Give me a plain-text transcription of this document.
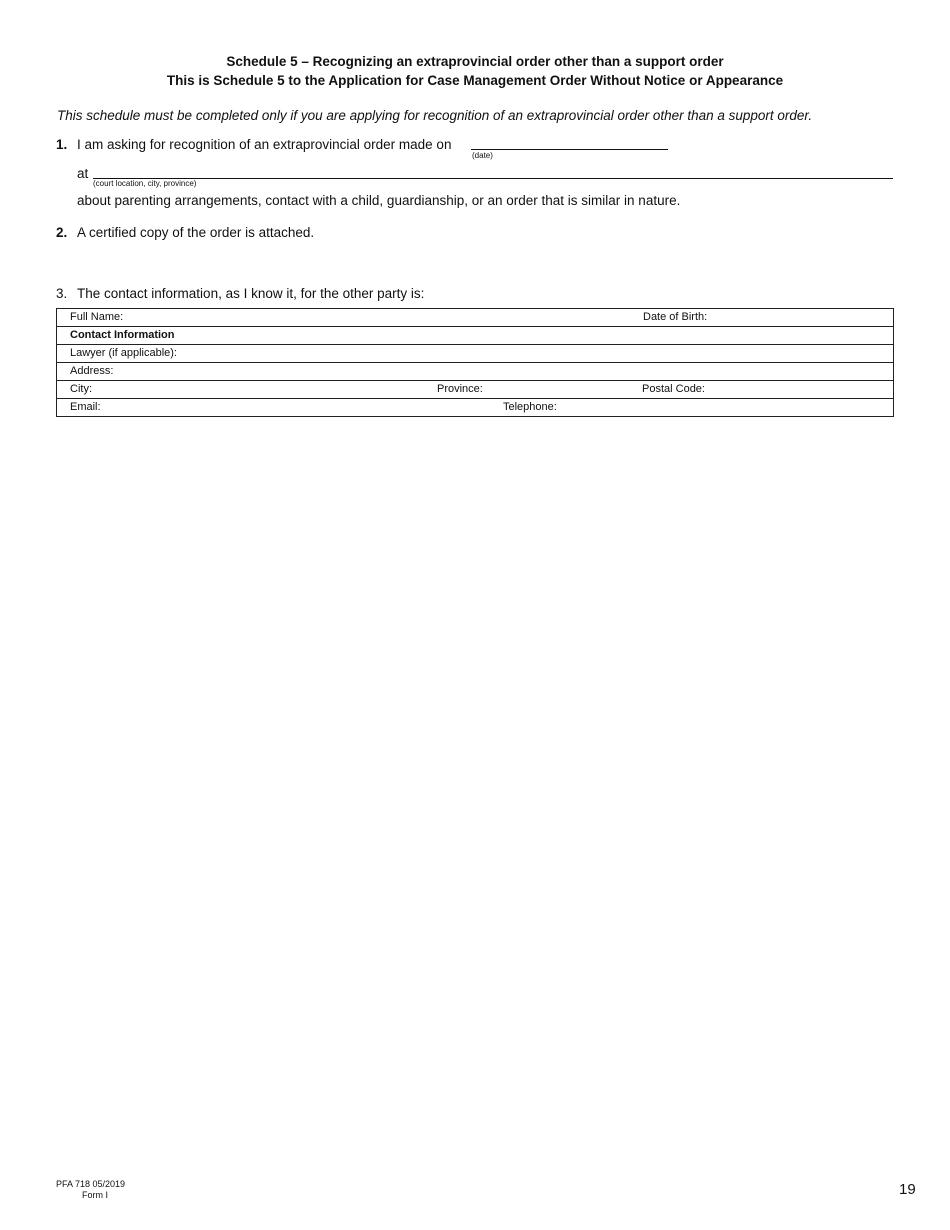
Schedule 5 – Recognizing an extraprovincial order other than a support order
This is Schedule 5 to the Application for Case Management Order Without Notice or Appearance
This schedule must be completed only if you are applying for recognition of an extraprovincial order other than a support order.
1. I am asking for recognition of an extraprovincial order made on
(date)
at
(court location, city, province)
about parenting arrangements, contact with a child, guardianship, or an order that is similar in nature.
2. A certified copy of the order is attached.
3. The contact information, as I know it, for the other party is:
Full Name:	Date of Birth:

Contact Information

Lawyer (if applicable):

Address:

City:	Province:	Postal Code:

Email:	Telephone:
PFA 718 05/2019
Form I	19
